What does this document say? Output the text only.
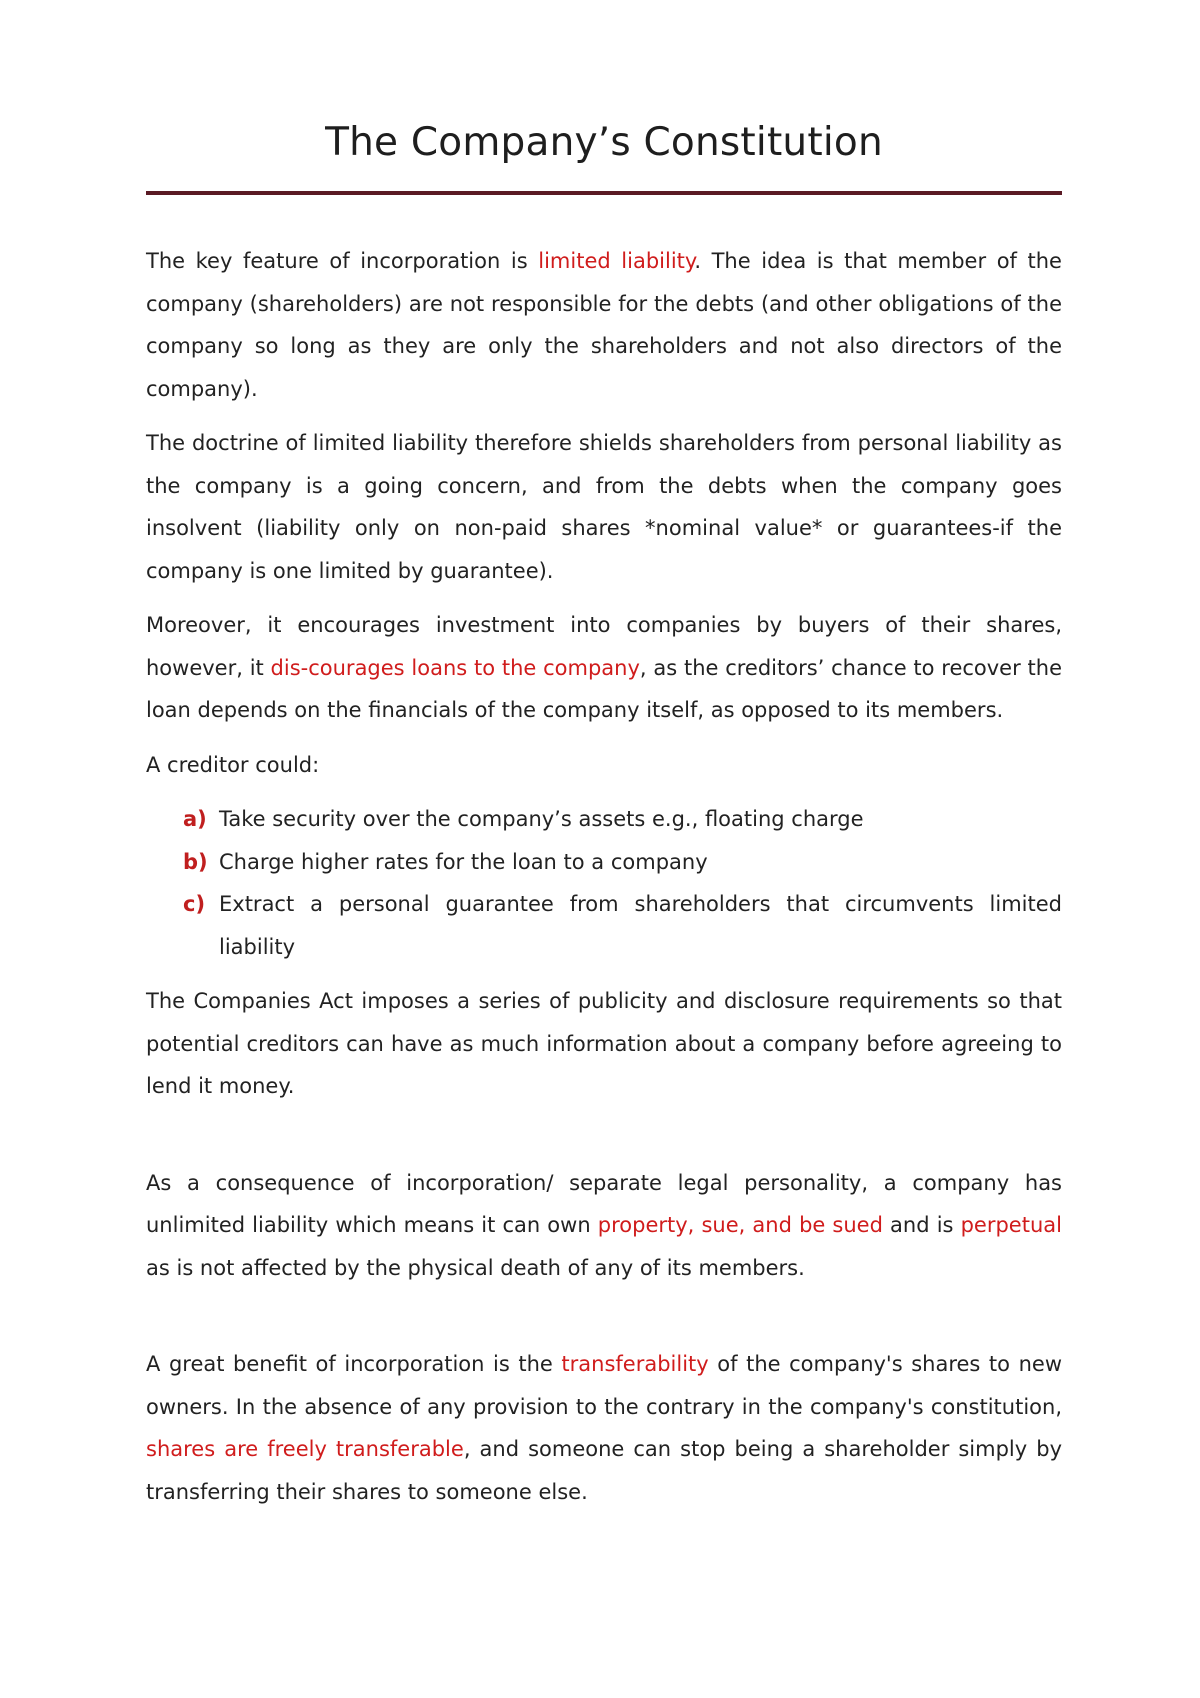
The Company’s Constitution

The key feature of incorporation is limited liability. The idea is that member of the company (shareholders) are not responsible for the debts (and other obligations of the company so long as they are only the shareholders and not also directors of the company).

The doctrine of limited liability therefore shields shareholders from personal liability as the company is a going concern, and from the debts when the company goes insolvent (liability only on non-paid shares *nominal value* or guarantees-if the company is one limited by guarantee).

Moreover, it encourages investment into companies by buyers of their shares, however, it dis-courages loans to the company, as the creditors’ chance to recover the loan depends on the financials of the company itself, as opposed to its members.

A creditor could:

a) Take security over the company’s assets e.g., floating charge
b) Charge higher rates for the loan to a company
c) Extract a personal guarantee from shareholders that circumvents limited liability

The Companies Act imposes a series of publicity and disclosure requirements so that potential creditors can have as much information about a company before agreeing to lend it money.

As a consequence of incorporation/ separate legal personality, a company has unlimited liability which means it can own property, sue, and be sued and is perpetual as is not affected by the physical death of any of its members.

A great benefit of incorporation is the transferability of the company's shares to new owners. In the absence of any provision to the contrary in the company's constitution, shares are freely transferable, and someone can stop being a shareholder simply by transferring their shares to someone else.
